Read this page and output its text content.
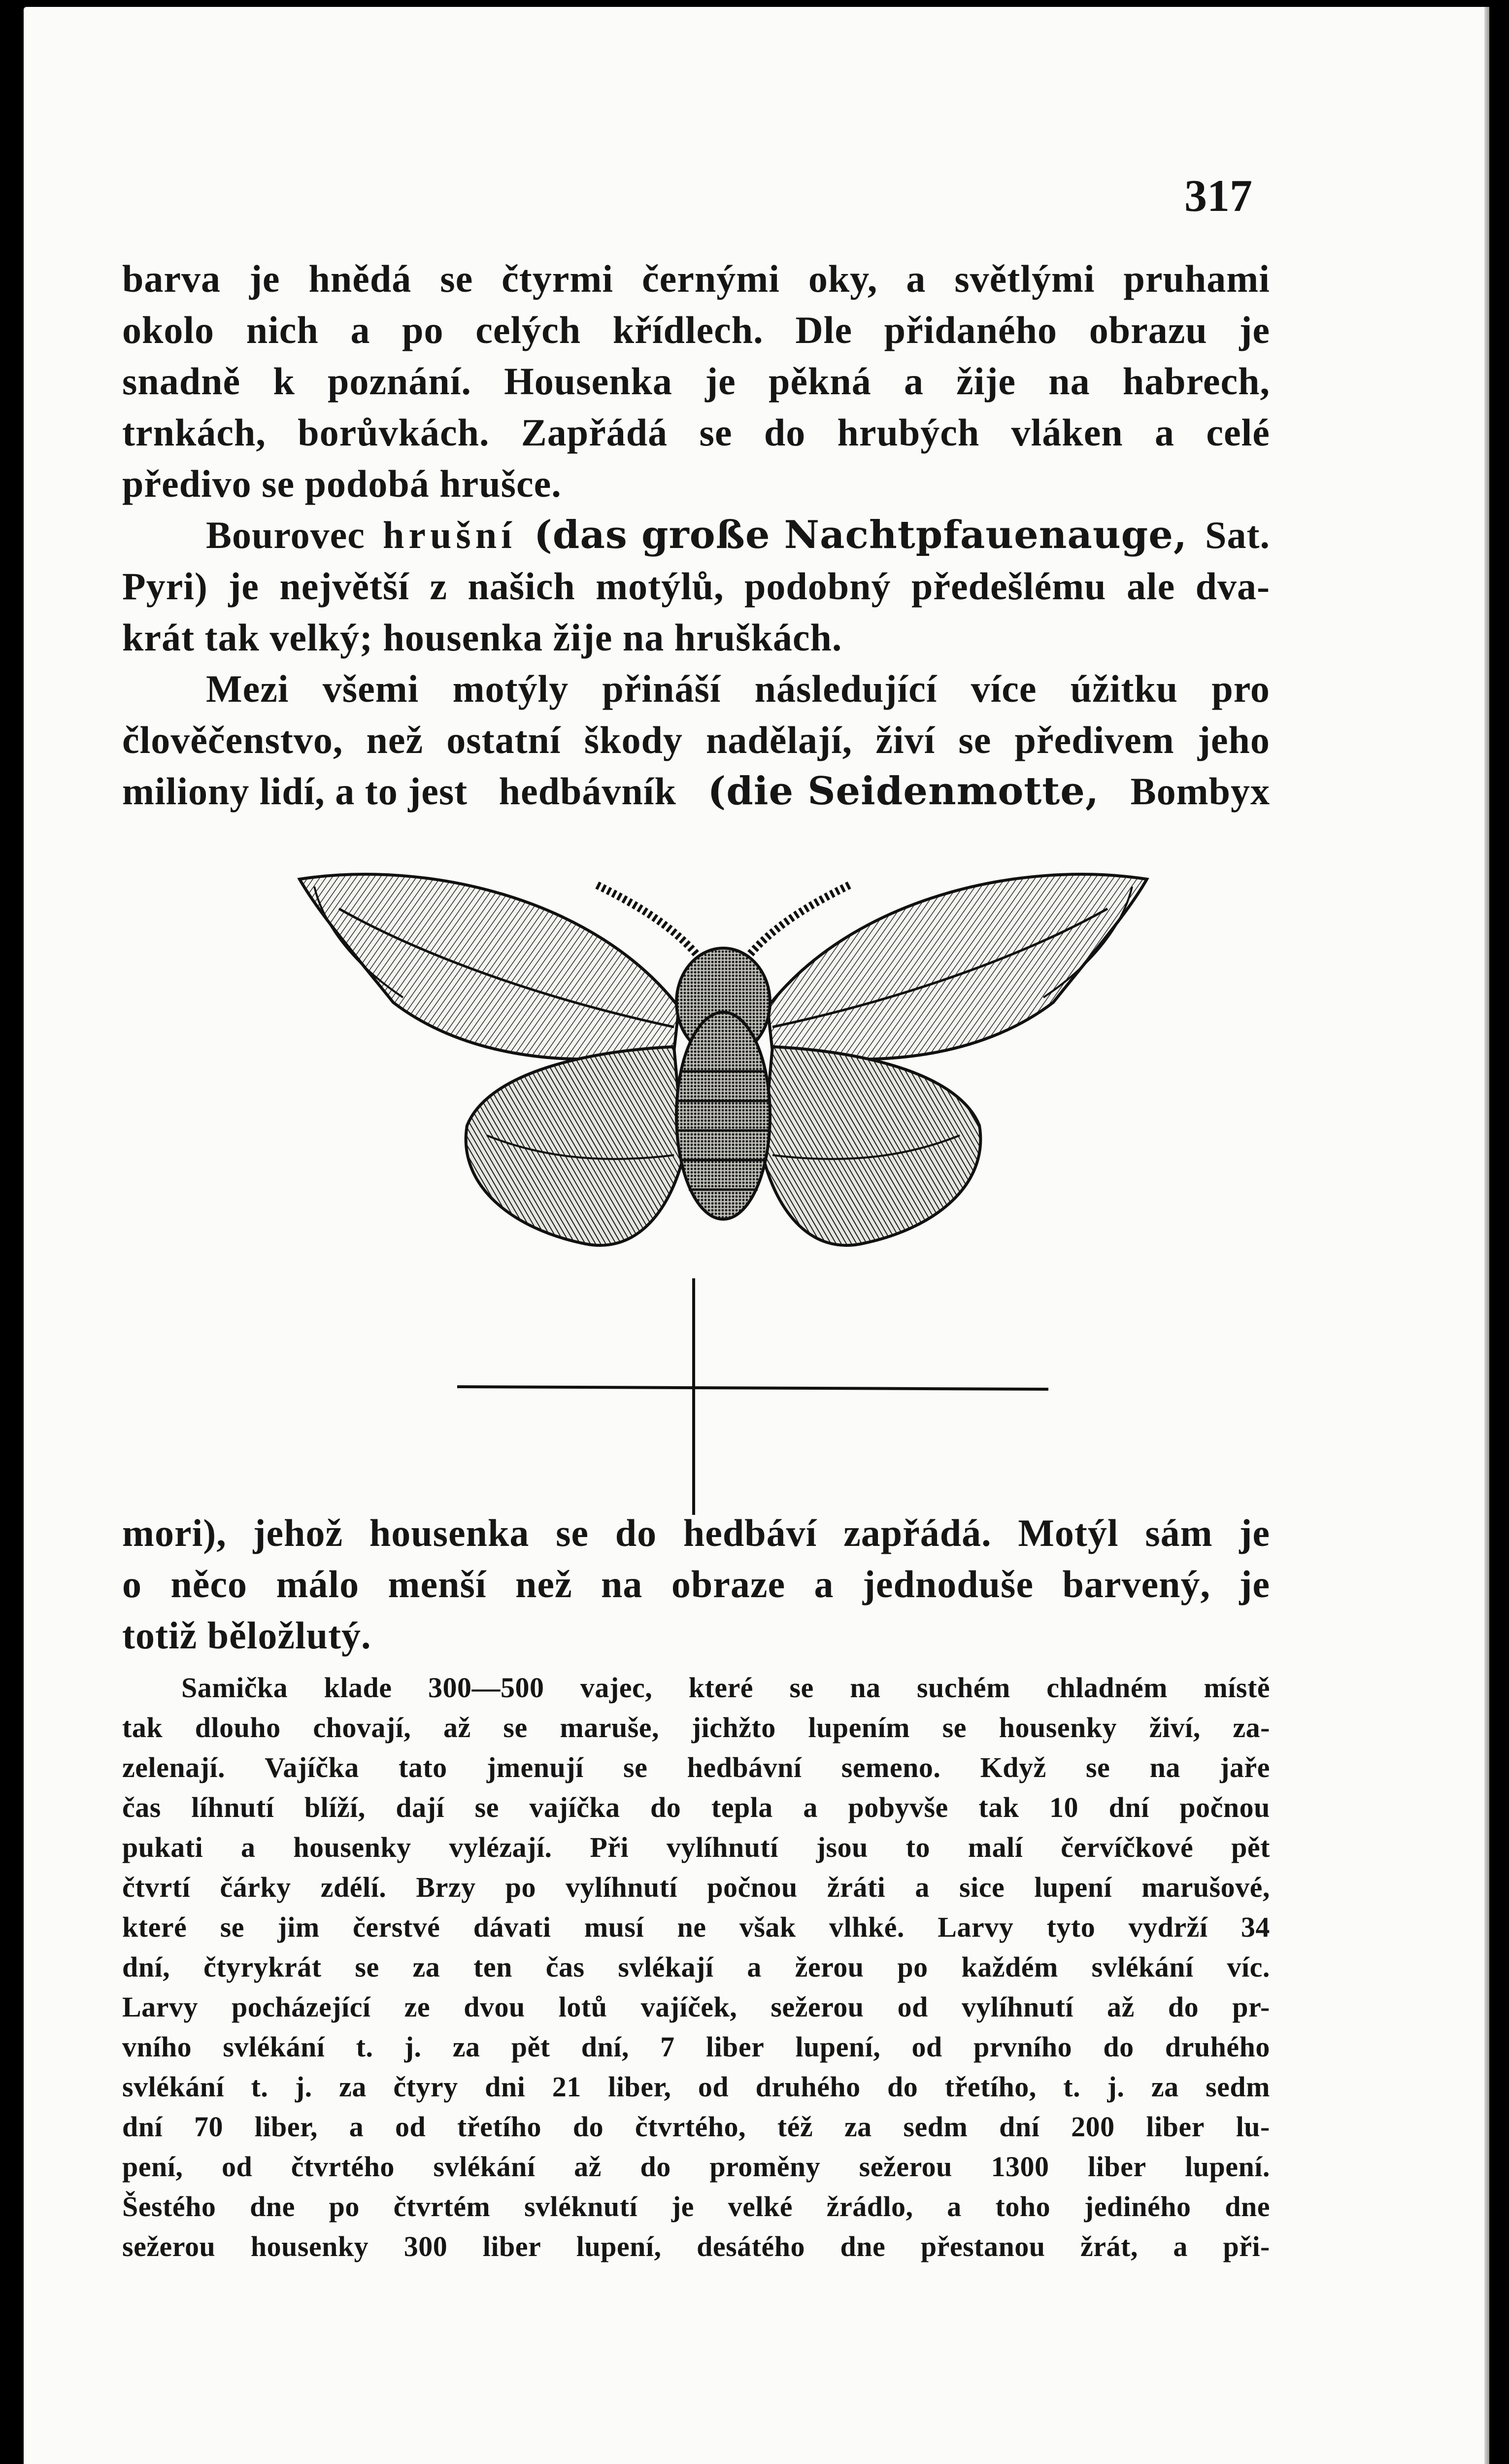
317
barva je hnědá se čtyrmi černými oky, a světlými pruhami
okolo nich a po celých křídlech. Dle přidaného obrazu je
snadně k poznání. Housenka je pěkná a žije na habrech,
trnkách, borůvkách. Zapřádá se do hrubých vláken a celé
předivo se podobá hrušce.
Bourovec hrušní (das große Nachtpfauenauge, Sat.
Pyri) je největší z našich motýlů, podobný předešlému ale dva-
krát tak velký; housenka žije na hruškách.
Mezi všemi motýly přináší následující více úžitku pro
člověčenstvo, než ostatní škody nadělají, živí se předivem jeho
miliony lidí, a to jest hedbávník (die Seidenmotte, Bombyx
mori), jehož housenka se do hedbáví zapřádá. Motýl sám je
o něco málo menší než na obraze a jednoduše barvený, je
totiž běložlutý.
Samička klade 300—500 vajec, které se na suchém chladném místě
tak dlouho chovají, až se maruše, jichžto lupením se housenky živí, za-
zelenají. Vajíčka tato jmenují se hedbávní semeno. Když se na jaře
čas líhnutí blíží, dají se vajíčka do tepla a pobyvše tak 10 dní počnou
pukati a housenky vylézají. Při vylíhnutí jsou to malí červíčkové pět
čtvrtí čárky zdélí. Brzy po vylíhnutí počnou žráti a sice lupení marušové,
které se jim čerstvé dávati musí ne však vlhké. Larvy tyto vydrží 34
dní, čtyrykrát se za ten čas svlékají a žerou po každém svlékání víc.
Larvy pocházející ze dvou lotů vajíček, sežerou od vylíhnutí až do pr-
vního svlékání t. j. za pět dní, 7 liber lupení, od prvního do druhého
svlékání t. j. za čtyry dni 21 liber, od druhého do třetího, t. j. za sedm
dní 70 liber, a od třetího do čtvrtého, též za sedm dní 200 liber lu-
pení, od čtvrtého svlékání až do proměny sežerou 1300 liber lupení.
Šestého dne po čtvrtém svléknutí je velké žrádlo, a toho jediného dne
sežerou housenky 300 liber lupení, desátého dne přestanou žrát, a při-
